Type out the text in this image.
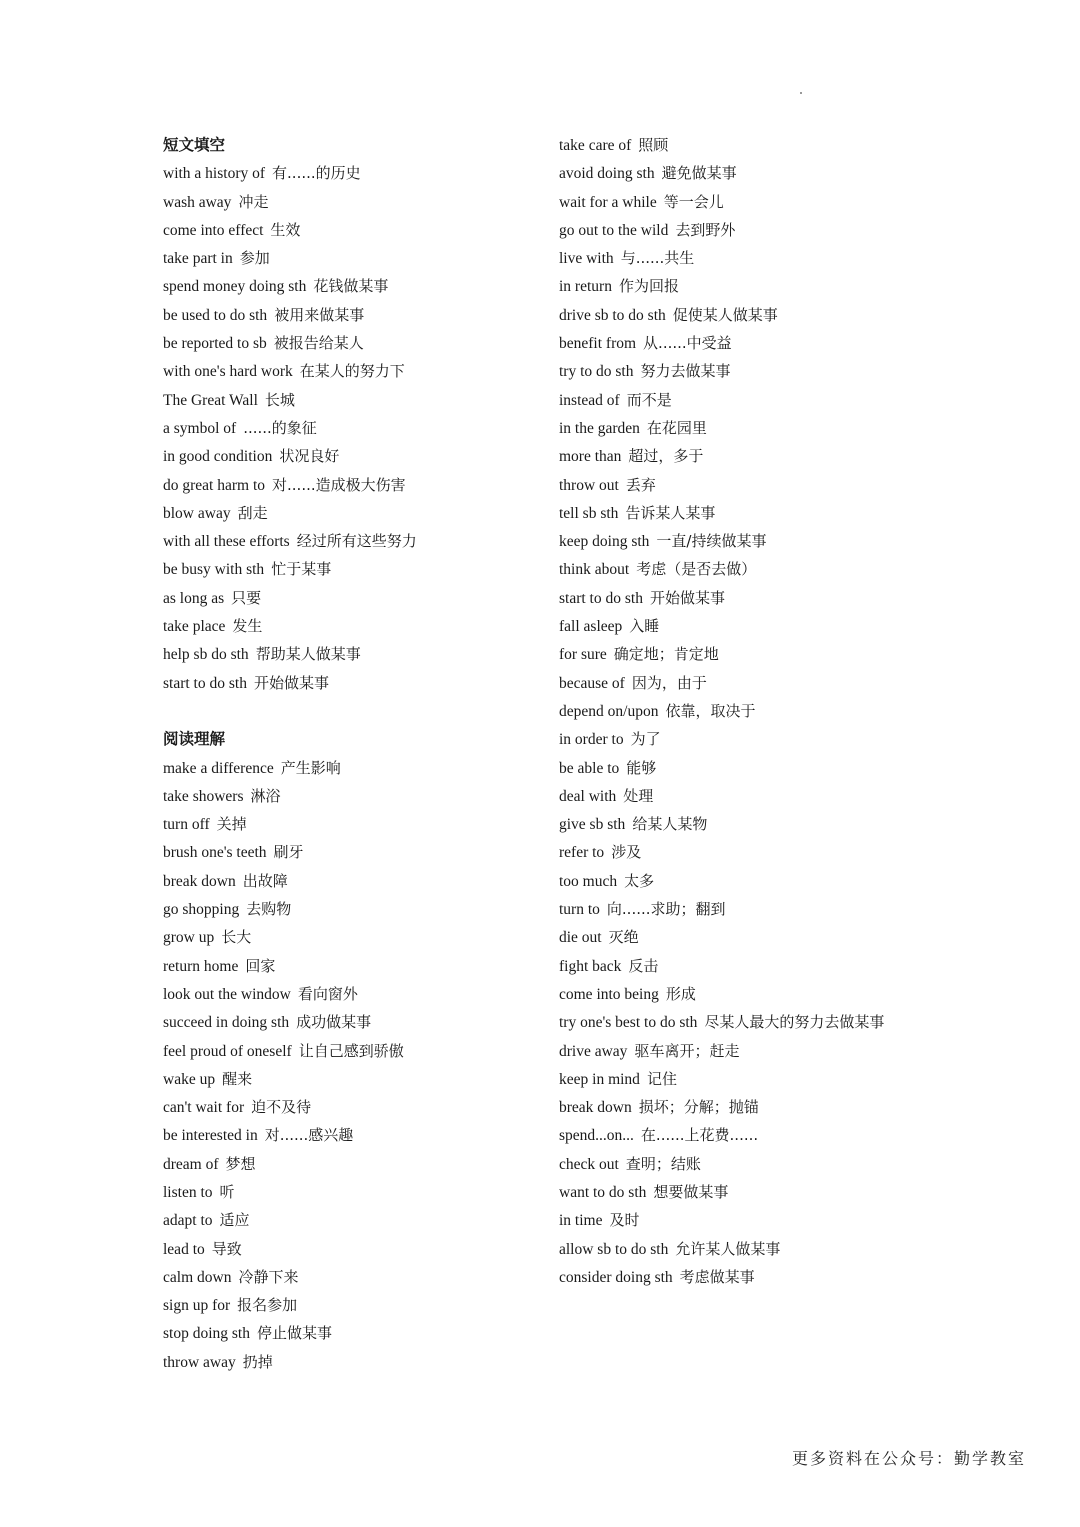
短文填空
with a history of 有......的历史
wash away 冲走
come into effect 生效
take part in 参加
spend money doing sth 花钱做某事
be used to do sth 被用来做某事
be reported to sb 被报告给某人
with one's hard work 在某人的努力下
The Great Wall 长城
a symbol of ......的象征
in good condition 状况良好
do great harm to 对......造成极大伤害
blow away 刮走
with all these efforts 经过所有这些努力
be busy with sth 忙于某事
as long as 只要
take place 发生
help sb do sth 帮助某人做某事
start to do sth 开始做某事
阅读理解
make a difference 产生影响
take showers 淋浴
turn off 关掉
brush one's teeth 刷牙
break down 出故障
go shopping 去购物
grow up 长大
return home 回家
look out the window 看向窗外
succeed in doing sth 成功做某事
feel proud of oneself 让自己感到骄傲
wake up 醒来
can't wait for 迫不及待
be interested in 对......感兴趣
dream of 梦想
listen to 听
adapt to 适应
lead to 导致
calm down 冷静下来
sign up for 报名参加
stop doing sth 停止做某事
throw away 扔掉
take care of 照顾
avoid doing sth 避免做某事
wait for a while 等一会儿
go out to the wild 去到野外
live with 与......共生
in return 作为回报
drive sb to do sth 促使某人做某事
benefit from 从......中受益
try to do sth 努力去做某事
instead of 而不是
in the garden 在花园里
more than 超过，多于
throw out 丢弃
tell sb sth 告诉某人某事
keep doing sth 一直/持续做某事
think about 考虑（是否去做）
start to do sth 开始做某事
fall asleep 入睡
for sure 确定地；肯定地
because of 因为，由于
depend on/upon 依靠，取决于
in order to 为了
be able to 能够
deal with 处理
give sb sth 给某人某物
refer to 涉及
too much 太多
turn to 向......求助；翻到
die out 灭绝
fight back 反击
come into being 形成
try one's best to do sth 尽某人最大的努力去做某事
drive away 驱车离开；赶走
keep in mind 记住
break down 损坏；分解；抛锚
spend...on... 在......上花费......
check out 查明；结账
want to do sth 想要做某事
in time 及时
allow sb to do sth 允许某人做某事
consider doing sth 考虑做某事
更多资料在公众号：勤学教室
